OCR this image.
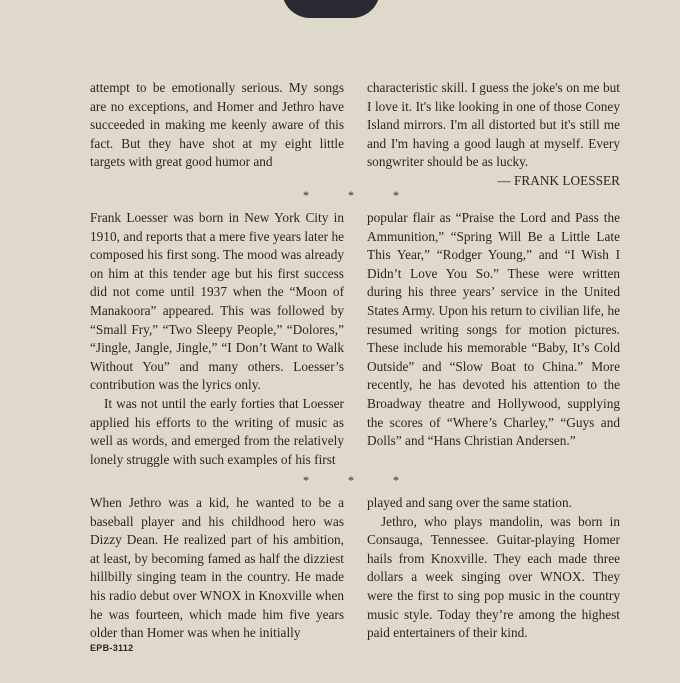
attempt to be emotionally serious. My songs are no exceptions, and Homer and Jethro have succeeded in making me keenly aware of this fact. But they have shot at my eight little targets with great good humor and

characteristic skill. I guess the joke's on me but I love it. It's like looking in one of those Coney Island mirrors. I'm all distorted but it's still me and I'm having a good laugh at myself. Every songwriter should be as lucky.

— FRANK LOESSER

* * *

Frank Loesser was born in New York City in 1910, and reports that a mere five years later he composed his first song. The mood was already on him at this tender age but his first success did not come until 1937 when the “Moon of Manakoora” appeared. This was followed by “Small Fry,” “Two Sleepy People,” “Dolores,” “Jingle, Jangle, Jingle,” “I Don’t Want to Walk Without You” and many others. Loesser’s contribution was the lyrics only.

It was not until the early forties that Loesser applied his efforts to the writing of music as well as words, and emerged from the relatively lonely struggle with such examples of his first

popular flair as “Praise the Lord and Pass the Ammunition,” “Spring Will Be a Little Late This Year,” “Rodger Young,” and “I Wish I Didn’t Love You So.” These were written during his three years’ service in the United States Army. Upon his return to civilian life, he resumed writing songs for motion pictures. These include his memorable “Baby, It’s Cold Outside” and “Slow Boat to China.” More recently, he has devoted his attention to the Broadway theatre and Hollywood, supplying the scores of “Where’s Charley,” “Guys and Dolls” and “Hans Christian Andersen.”

* * *

When Jethro was a kid, he wanted to be a baseball player and his childhood hero was Dizzy Dean. He realized part of his ambition, at least, by becoming famed as half the dizziest hillbilly singing team in the country. He made his radio debut over WNOX in Knoxville when he was fourteen, which made him five years older than Homer was when he initially

played and sang over the same station.

Jethro, who plays mandolin, was born in Consauga, Tennessee. Guitar-playing Homer hails from Knoxville. They each made three dollars a week singing over WNOX. They were the first to sing pop music in the country music style. Today they’re among the highest paid entertainers of their kind.

EPB-3112
